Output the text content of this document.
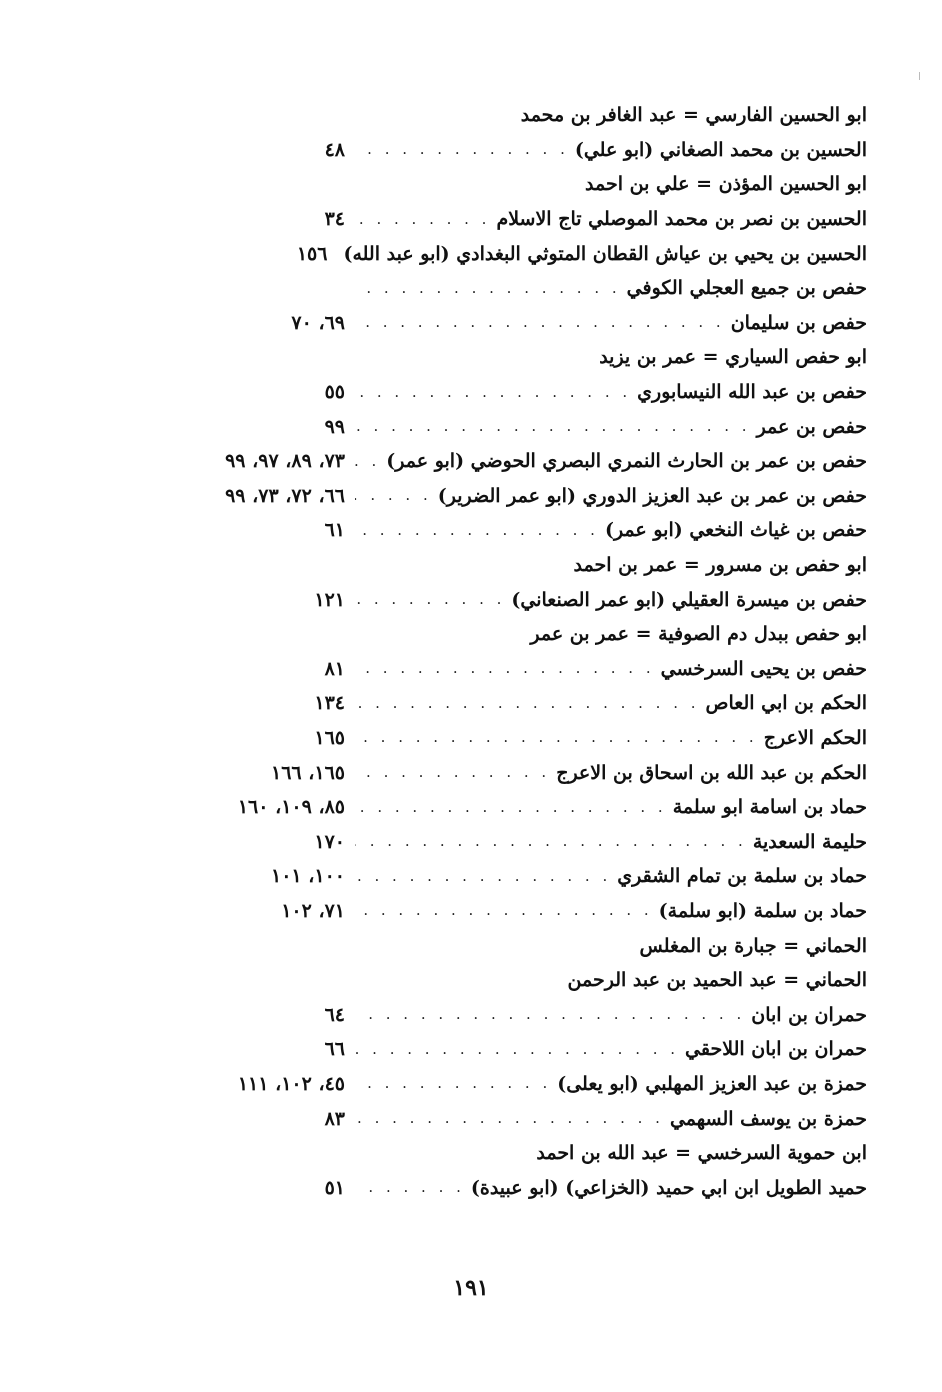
ابو الحسين الفارسي = عبد الغافر بن محمد
الحسين بن محمد الصغاني (ابو علي)
. . .
٤٨
ابو الحسين المؤذن = علي بن احمد
الحسين بن نصر بن محمد الموصلي تاج الاسلام
. . .
٣٤
الحسين بن يحيي بن عياش القطان المتوثي البغدادي (ابو عبد الله)
١٥٦
حفص بن جميع العجلي الكوفي
. . .
حفص بن سليمان
. . .
٦٩، ٧٠
ابو حفص السياري = عمر بن يزيد
حفص بن عبد الله النيسابوري
. . .
٥٥
حفص بن عمر
. . .
٩٩
حفص بن عمر بن الحارث النمري البصري الحوضي (ابو عمر)
. . .
٧٣، ٨٩، ٩٧، ٩٩
حفص بن عمر بن عبد العزيز الدوري (ابو عمر الضرير)
. . .
٦٦، ٧٢، ٧٣، ٩٩
حفص بن غياث النخعي (ابو عمر)
. . .
٦١
ابو حفص بن مسرور = عمر بن احمد
حفص بن ميسرة العقيلي (ابو عمر الصنعاني)
. . .
١٢١
ابو حفص ببدل دم الصوفية = عمر بن عمر
حفص بن يحيى السرخسي
. . .
٨١
الحكم بن ابي العاص
. . .
١٣٤
الحكم الاعرج
. . .
١٦٥
الحكم بن عبد الله بن اسحاق بن الاعرج
. . .
١٦٥، ١٦٦
حماد بن اسامة ابو سلمة
. . .
٨٥، ١٠٩، ١٦٠
حليمة السعدية
. . .
١٧٠
حماد بن سلمة بن تمام الشقري
. . .
١٠٠، ١٠١
حماد بن سلمة (ابو سلمة)
. . .
٧١، ١٠٢
الحماني = جبارة بن المغلس
الحماني = عبد الحميد بن عبد الرحمن
حمران بن ابان
. . .
٦٤
حمران بن ابان اللاحقي
. . .
٦٦
حمزة بن عبد العزيز المهلبي (ابو يعلى)
. . .
٤٥، ١٠٢، ١١١
حمزة بن يوسف السهمي
. . .
٨٣
ابن حموية السرخسي = عبد الله بن احمد
حميد الطويل ابن ابي حميد (الخزاعي) (ابو عبيدة)
. . .
٥١
١٩١
